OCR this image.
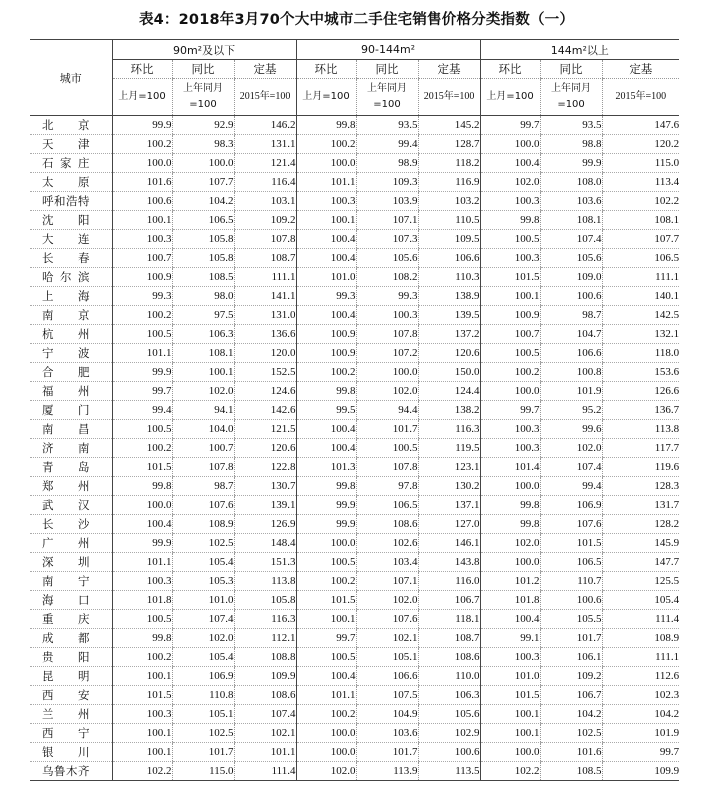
表4：2018年3月70个大中城市二手住宅销售价格分类指数（一）
城市	90m²及以下			90-144m²			144m²以上		
	环比	同比	定基	环比	同比	定基	环比	同比	定基
	上月=100	上年同月=100	2015年=100	上月=100	上年同月=100	2015年=100	上月=100	上年同月=100	2015年=100
北京	99.9	92.9	146.2	99.8	93.5	145.2	99.7	93.5	147.6
天津	100.2	98.3	131.1	100.2	99.4	128.7	100.0	98.8	120.2
石家庄	100.0	100.0	121.4	100.0	98.9	118.2	100.4	99.9	115.0
太原	101.6	107.7	116.4	101.1	109.3	116.9	102.0	108.0	113.4
呼和浩特	100.6	104.2	103.1	100.3	103.9	103.2	100.3	103.6	102.2
沈阳	100.1	106.5	109.2	100.1	107.1	110.5	99.8	108.1	108.1
大连	100.3	105.8	107.8	100.4	107.3	109.5	100.5	107.4	107.7
长春	100.7	105.8	108.7	100.4	105.6	106.6	100.3	105.6	106.5
哈尔滨	100.9	108.5	111.1	101.0	108.2	110.3	101.5	109.0	111.1
上海	99.3	98.0	141.1	99.3	99.3	138.9	100.1	100.6	140.1
南京	100.2	97.5	131.0	100.4	100.3	139.5	100.9	98.7	142.5
杭州	100.5	106.3	136.6	100.9	107.8	137.2	100.7	104.7	132.1
宁波	101.1	108.1	120.0	100.9	107.2	120.6	100.5	106.6	118.0
合肥	99.9	100.1	152.5	100.2	100.0	150.0	100.2	100.8	153.6
福州	99.7	102.0	124.6	99.8	102.0	124.4	100.0	101.9	126.6
厦门	99.4	94.1	142.6	99.5	94.4	138.2	99.7	95.2	136.7
南昌	100.5	104.0	121.5	100.4	101.7	116.3	100.3	99.6	113.8
济南	100.2	100.7	120.6	100.4	100.5	119.5	100.3	102.0	117.7
青岛	101.5	107.8	122.8	101.3	107.8	123.1	101.4	107.4	119.6
郑州	99.8	98.7	130.7	99.8	97.8	130.2	100.0	99.4	128.3
武汉	100.0	107.6	139.1	99.9	106.5	137.1	99.8	106.9	131.7
长沙	100.4	108.9	126.9	99.9	108.6	127.0	99.8	107.6	128.2
广州	99.9	102.5	148.4	100.0	102.6	146.1	102.0	101.5	145.9
深圳	101.1	105.4	151.3	100.5	103.4	143.8	100.0	106.5	147.7
南宁	100.3	105.3	113.8	100.2	107.1	116.0	101.2	110.7	125.5
海口	101.8	101.0	105.8	101.5	102.0	106.7	101.8	100.6	105.4
重庆	100.5	107.4	116.3	100.1	107.6	118.1	100.4	105.5	111.4
成都	99.8	102.0	112.1	99.7	102.1	108.7	99.1	101.7	108.9
贵阳	100.2	105.4	108.8	100.5	105.1	108.6	100.3	106.1	111.1
昆明	100.1	106.9	109.9	100.4	106.6	110.0	101.0	109.2	112.6
西安	101.5	110.8	108.6	101.1	107.5	106.3	101.5	106.7	102.3
兰州	100.3	105.1	107.4	100.2	104.9	105.6	100.1	104.2	104.2
西宁	100.1	102.5	102.1	100.0	103.6	102.9	100.1	102.5	101.9
银川	100.1	101.7	101.1	100.0	101.7	100.6	100.0	101.6	99.7
乌鲁木齐	102.2	115.0	111.4	102.0	113.9	113.5	102.2	108.5	109.9
